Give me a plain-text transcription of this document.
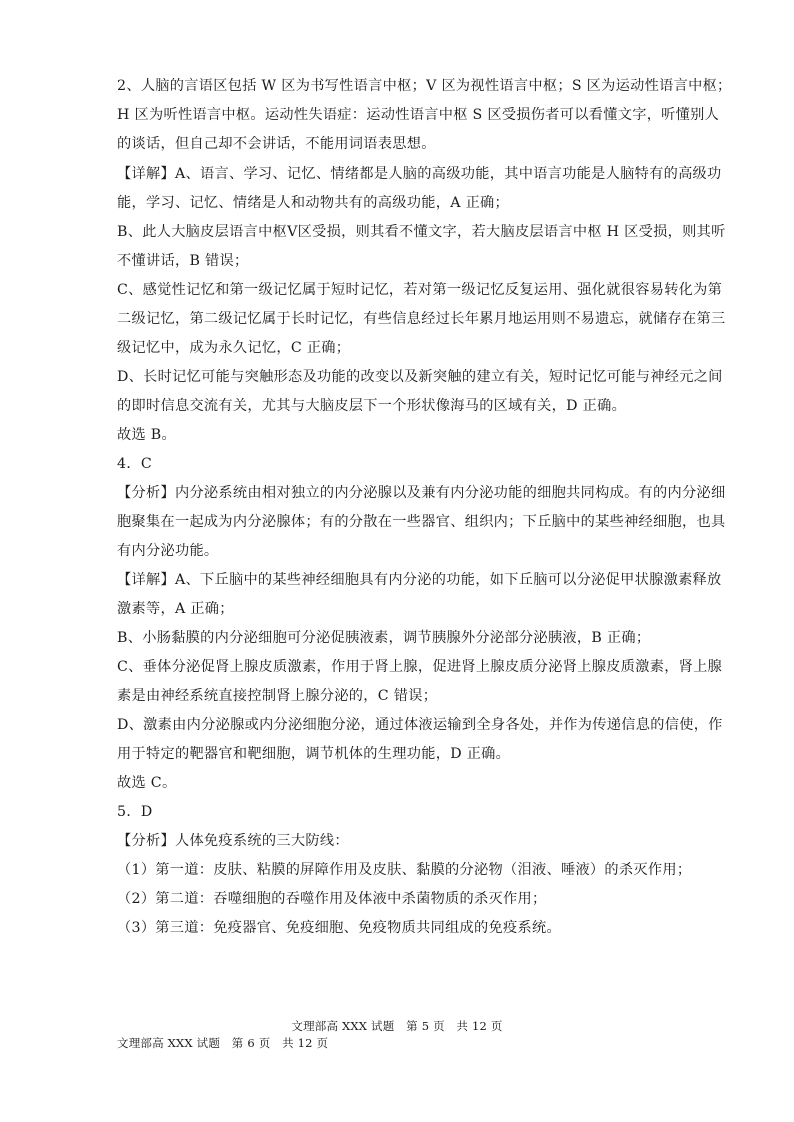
2、人脑的言语区包括 W 区为书写性语言中枢；V 区为视性语言中枢；S 区为运动性语言中枢；
H 区为听性语言中枢。运动性失语症：运动性语言中枢 S 区受损伤者可以看懂文字，听懂别人
的谈话，但自己却不会讲话，不能用词语表思想。
【详解】A、语言、学习、记忆、情绪都是人脑的高级功能，其中语言功能是人脑特有的高级功
能，学习、记忆、情绪是人和动物共有的高级功能，A 正确；
B、此人大脑皮层语言中枢V区受损，则其看不懂文字，若大脑皮层语言中枢 H 区受损，则其听
不懂讲话，B 错误；
C、感觉性记忆和第一级记忆属于短时记忆，若对第一级记忆反复运用、强化就很容易转化为第
二级记忆，第二级记忆属于长时记忆，有些信息经过长年累月地运用则不易遗忘，就储存在第三
级记忆中，成为永久记忆，C 正确；
D、长时记忆可能与突触形态及功能的改变以及新突触的建立有关，短时记忆可能与神经元之间
的即时信息交流有关，尤其与大脑皮层下一个形状像海马的区域有关，D 正确。
故选 B。
4．C
【分析】内分泌系统由相对独立的内分泌腺以及兼有内分泌功能的细胞共同构成。有的内分泌细
胞聚集在一起成为内分泌腺体；有的分散在一些器官、组织内；下丘脑中的某些神经细胞，也具
有内分泌功能。
【详解】A、下丘脑中的某些神经细胞具有内分泌的功能，如下丘脑可以分泌促甲状腺激素释放
激素等，A 正确；
B、小肠黏膜的内分泌细胞可分泌促胰液素，调节胰腺外分泌部分泌胰液，B 正确；
C、垂体分泌促肾上腺皮质激素，作用于肾上腺，促进肾上腺皮质分泌肾上腺皮质激素，肾上腺
素是由神经系统直接控制肾上腺分泌的，C 错误；
D、激素由内分泌腺或内分泌细胞分泌，通过体液运输到全身各处，并作为传递信息的信使，作
用于特定的靶器官和靶细胞，调节机体的生理功能，D 正确。
故选 C。
5．D
【分析】人体免疫系统的三大防线：
（1）第一道：皮肤、粘膜的屏障作用及皮肤、黏膜的分泌物（泪液、唾液）的杀灭作用；
（2）第二道：吞噬细胞的吞噬作用及体液中杀菌物质的杀灭作用；
（3）第三道：免疫器官、免疫细胞、免疫物质共同组成的免疫系统。
文理部高 XXX 试题　第 5 页　共 12 页
文理部高 XXX 试题　第 6 页　共 12 页
